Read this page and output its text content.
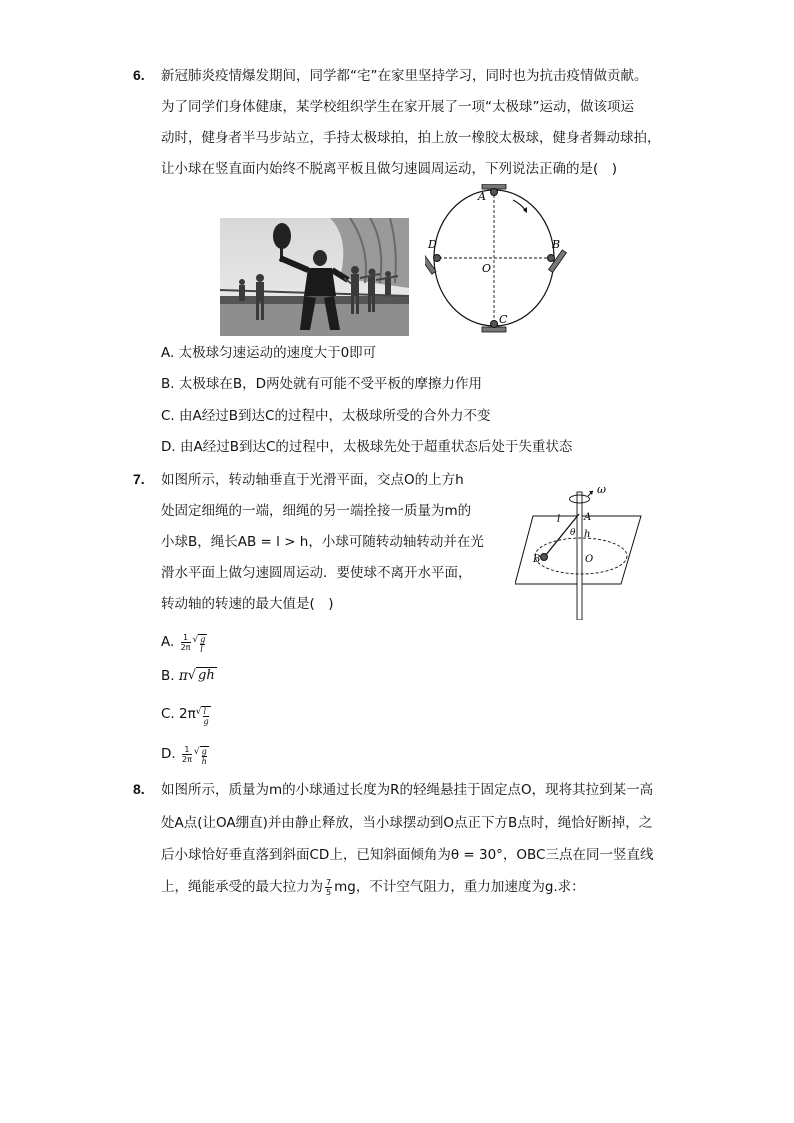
6. 新冠肺炎疫情爆发期间，同学都“宅”在家里坚持学习，同时也为抗击疫情做贡献。
为了同学们身体健康，某学校组织学生在家开展了一项“太极球”运动，做该项运
动时，健身者半马步站立，手持太极球拍，拍上放一橡胶太极球，健身者舞动球拍，
让小球在竖直面内始终不脱离平板且做匀速圆周运动，下列说法正确的是(　)
A
B
C
D
O
A. 太极球匀速运动的速度大于0即可
B. 太极球在B，D两处就有可能不受平板的摩擦力作用
C. 由A经过B到达C的过程中，太极球所受的合外力不变
D. 由A经过B到达C的过程中，太极球先处于超重状态后处于失重状态
7. 如图所示，转动轴垂直于光滑平面，交点O的上方h
处固定细绳的一端，细绳的另一端拴接一质量为m的
小球B，绳长AB = l > h，小球可随转动轴转动并在光
滑水平面上做匀速圆周运动．要使球不离开水平面，
转动轴的转速的最大值是(　)
ω
A
l
θ h
B	O
A. $\frac{1}{2\pi}$ √ $\frac{g}{l}$
B. π√ gh
C. $2\pi√ \frac{l}{g}$
D. $\frac{1}{2\pi}$ √ $\frac{g}{h}$
8. 如图所示，质量为m的小球通过长度为R的轻绳悬挂于固定点O，现将其拉到某一高
处A点(让OA绷直)并由静止释放，当小球摆动到O点正下方B点时，绳恰好断掉，之
后小球恰好垂直落到斜面CD上，已知斜面倾角为θ = 30°，OBC三点在同一竖直线
上，绳能承受的最大拉力为 $\frac{7}{5}$ mg，不计空气阻力，重力加速度为g.求：
